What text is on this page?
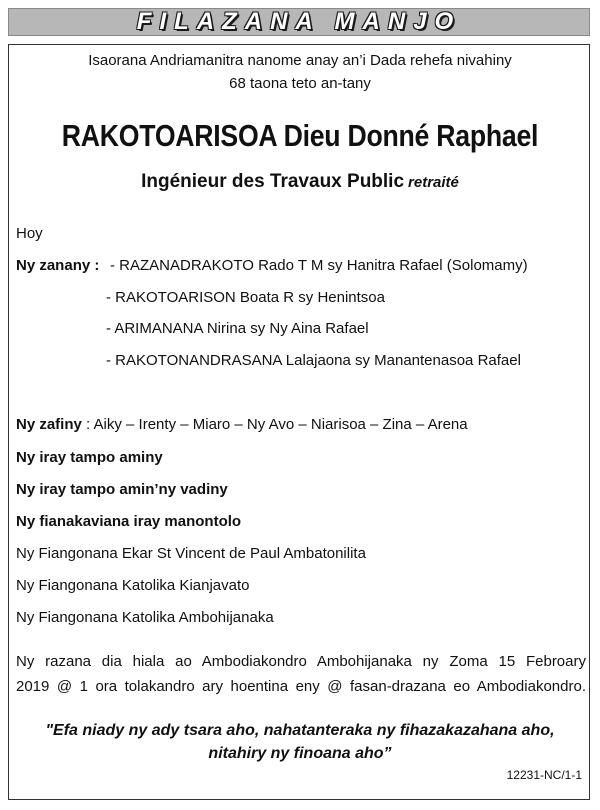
FILAZANA MANJO
Isaorana Andriamanitra nanome anay an’i Dada rehefa nivahiny
68 taona teto an-tany
RAKOTOARISOA Dieu Donné Raphael
Ingénieur des Travaux Public retraité
Hoy
Ny zanany : - RAZANADRAKOTO Rado T M sy Hanitra Rafael (Solomamy)
- RAKOTOARISON Boata R sy Henintsoa
- ARIMANANA Nirina sy Ny Aina Rafael
- RAKOTONANDRASANA Lalajaona sy Manantenasoa Rafael
Ny zafiny : Aiky – Irenty – Miaro – Ny Avo – Niarisoa – Zina – Arena
Ny iray tampo aminy
Ny iray tampo amin’ny vadiny
Ny fianakaviana iray manontolo
Ny Fiangonana Ekar St Vincent de Paul Ambatonilita
Ny Fiangonana Katolika Kianjavato
Ny Fiangonana Katolika Ambohijanaka
Ny razana dia hiala ao Ambodiakondro Ambohijanaka ny Zoma 15 Febroary
2019 @ 1 ora tolakandro ary hoentina eny @ fasan-drazana eo Ambodiakondro.
"Efa niady ny ady tsara aho, nahatanteraka ny fihazakazahana aho,
nitahiry ny finoana aho”
12231-NC/1-1
